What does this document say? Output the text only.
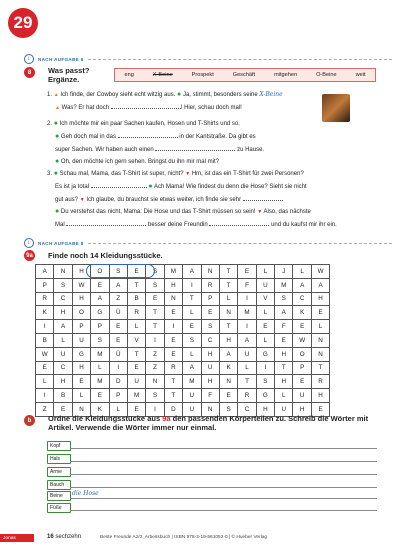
29
↓	NACH AUFGABE 6
8	Was passt?
Ergänze.	eng	X-Beine	Prospekt	Geschäft	mitgehen	O-Beine	weit
1. ▲ Ich finde, der Cowboy sieht echt witzig aus. ● Ja, stimmt, besonders seine X-Beine
▲ Was? Er hat doch	! Hier, schau doch mal!
2. ● Ich möchte mir ein paar Sachen kaufen, Hosen und T-Shirts und so.
● Geh doch mal in das	in der Kantstraße. Da gibt es
super Sachen. Wir haben auch einen	zu Hause.
● Oh, den möchte ich gern sehen. Bringst du ihn mir mal mit?
3. ● Schau mal, Mama, das T-Shirt ist super, nicht? ▼ Hm, ist das ein T-Shirt für zwei Personen?
Es ist ja total	● Ach Mama! Wie findest du denn die Hose? Sieht sie nicht
gut aus? ▼ Ich glaube, du brauchst sie etwas weiter, ich finde sie sehr
● Du verstehst das nicht, Mama: Die Hose und das T-Shirt müssen so sein! ▼ Also, das nächste
Mal	besser deine Freundin	und du kaufst mir ihr ein.
↓	NACH AUFGABE 8
9a Finde noch 14 Kleidungsstücke.
A	N	H	O	S	E	S	M	A	N	T	E	L	J	L	W
P	S	W	E	A	T	S	H	I	R	T	F	U	M	A	A
R	C	H	A	Z	B	E	N	T	P	L	I	V	S	C	H
K	H	O	G	Ü	R	T	E	L	E	N	M	L	A	K	E
I	A	P	P	E	L	T	I	E	S	T	I	E	F	E	L
B	L	U	S	E	V	I	E	S	C	H	A	L	E	W	N
W	U	G	M	Ü	T	Z	E	L	H	A	U	G	H	O	N
E	C	H	L	I	E	Z	R	A	U	K	L	I	T	P	T
L	H	E	M	D	U	N	T	M	H	N	T	S	H	E	R
I	B	L	E	P	M	S	T	U	F	E	R	G	L	U	H
Z	E	N	K	L	E	I	D	U	N	S	C	H	U	H	E
b	Ordne die Kleidungsstücke aus 9a den passenden Körperteilen zu. Schreib die Wörter mit Artikel. Verwende die Wörter immer nur einmal.
Kopf
Hals
Arme
Bauch
Beine	die Hose
Füße
Jonas	16 sechzehn	Beste Freunde A2/2, Arbeitsbuch | ISBN 978-3-19-561052-0 | © Hueber Verlag
